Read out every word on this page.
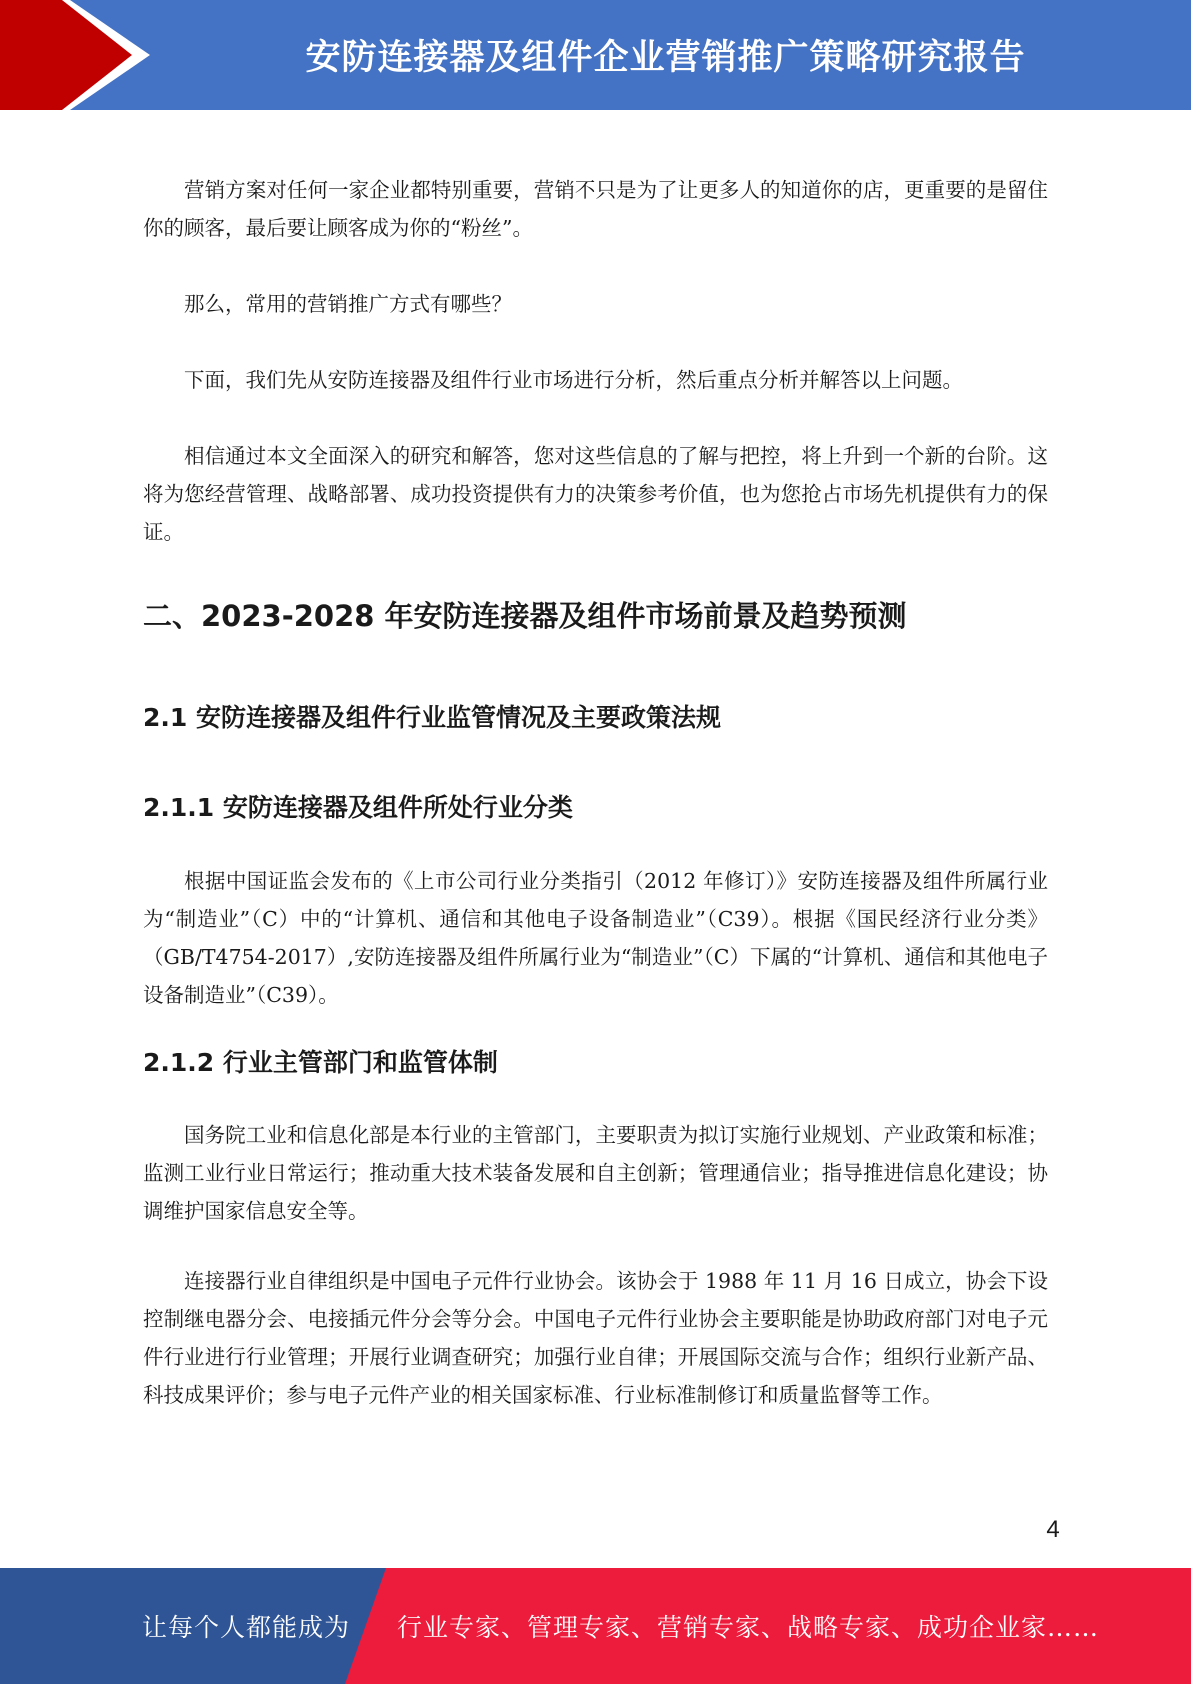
安防连接器及组件企业营销推广策略研究报告

营销方案对任何一家企业都特别重要，营销不只是为了让更多人的知道你的店，更重要的是留住你的顾客，最后要让顾客成为你的“粉丝”。

那么，常用的营销推广方式有哪些？

下面，我们先从安防连接器及组件行业市场进行分析，然后重点分析并解答以上问题。

相信通过本文全面深入的研究和解答，您对这些信息的了解与把控，将上升到一个新的台阶。这将为您经营管理、战略部署、成功投资提供有力的决策参考价值，也为您抢占市场先机提供有力的保证。

二、2023-2028 年安防连接器及组件市场前景及趋势预测
2.1 安防连接器及组件行业监管情况及主要政策法规
2.1.1 安防连接器及组件所处行业分类

根据中国证监会发布的《上市公司行业分类指引（2012 年修订）》安防连接器及组件所属行业为“制造业”（C）中的“计算机、通信和其他电子设备制造业”（C39）。根据《国民经济行业分类》（GB/T4754-2017）,安防连接器及组件所属行业为“制造业”（C）下属的“计算机、通信和其他电子设备制造业”（C39）。

2.1.2 行业主管部门和监管体制

国务院工业和信息化部是本行业的主管部门，主要职责为拟订实施行业规划、产业政策和标准；监测工业行业日常运行；推动重大技术装备发展和自主创新；管理通信业；指导推进信息化建设；协调维护国家信息安全等。

连接器行业自律组织是中国电子元件行业协会。该协会于 1988 年 11 月 16 日成立，协会下设控制继电器分会、电接插元件分会等分会。中国电子元件行业协会主要职能是协助政府部门对电子元件行业进行行业管理；开展行业调查研究；加强行业自律；开展国际交流与合作；组织行业新产品、科技成果评价；参与电子元件产业的相关国家标准、行业标准制修订和质量监督等工作。

4
让每个人都能成为 行业专家、管理专家、营销专家、战略专家、成功企业家……
